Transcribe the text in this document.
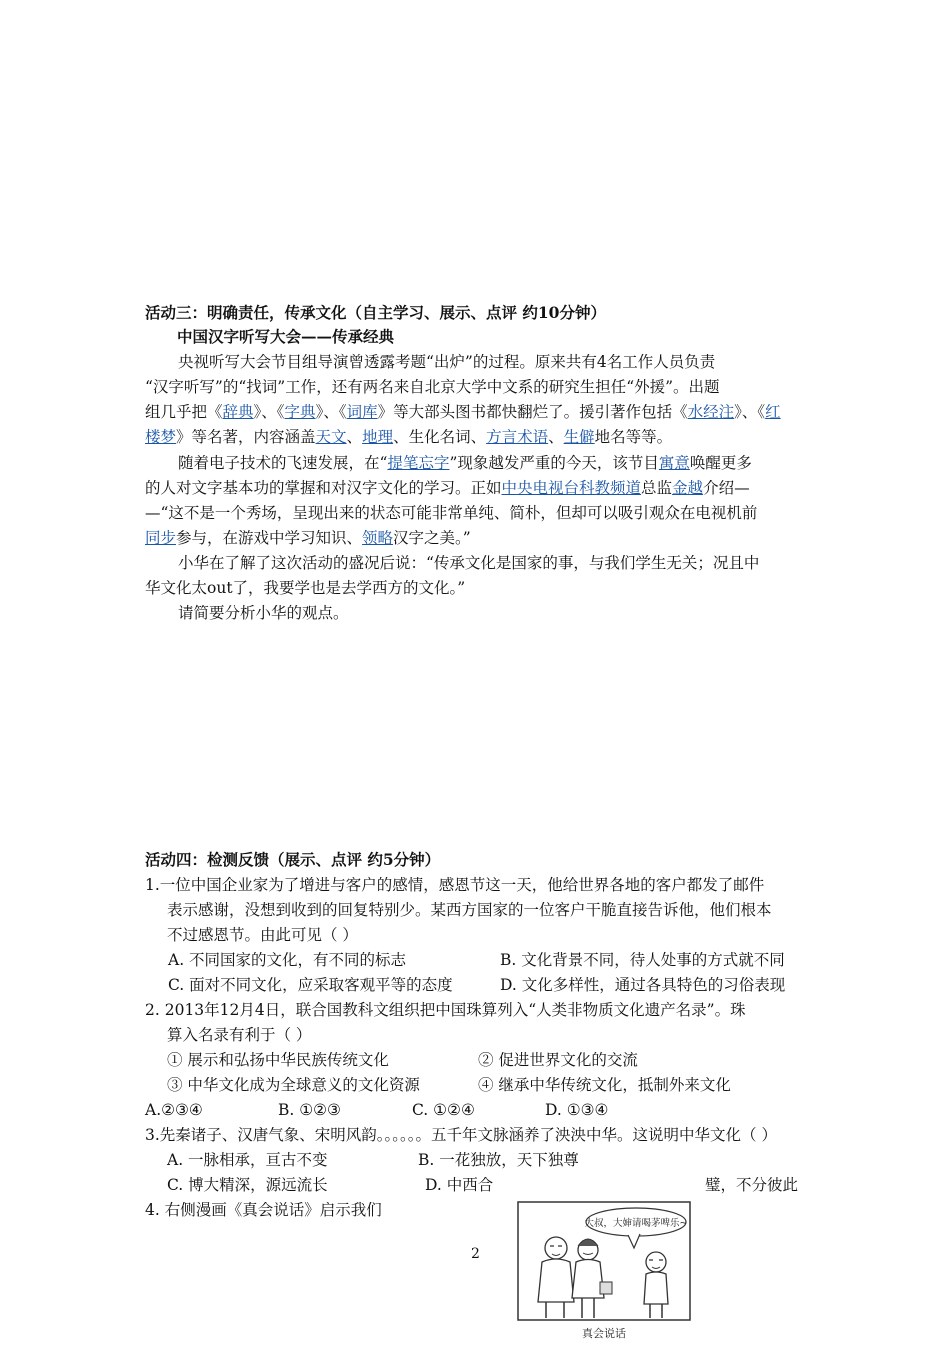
活动三：明确责任，传承文化（自主学习、展示、点评 约10分钟）
中国汉字听写大会——传承经典
央视听写大会节目组导演曾透露考题“出炉”的过程。原来共有4名工作人员负责
“汉字听写”的“找词”工作，还有两名来自北京大学中文系的研究生担任“外援”。出题
组几乎把《辞典》、《字典》、《词库》等大部头图书都快翻烂了。援引著作包括《水经注》、《红
楼梦》等名著，内容涵盖天文、地理、生化名词、方言术语、生僻地名等等。
随着电子技术的飞速发展，在“提笔忘字”现象越发严重的今天，该节目寓意唤醒更多
的人对文字基本功的掌握和对汉字文化的学习。正如中央电视台科教频道总监金越介绍—
—“这不是一个秀场，呈现出来的状态可能非常单纯、简朴，但却可以吸引观众在电视机前
同步参与，在游戏中学习知识、领略汉字之美。”
小华在了解了这次活动的盛况后说：“传承文化是国家的事，与我们学生无关；况且中
华文化太out了，我要学也是去学西方的文化。”
请简要分析小华的观点。
活动四：检测反馈（展示、点评 约5分钟）
1.一位中国企业家为了增进与客户的感情，感恩节这一天，他给世界各地的客户都发了邮件
表示感谢，没想到收到的回复特别少。某西方国家的一位客户干脆直接告诉他，他们根本
不过感恩节。由此可见（ ）
A. 不同国家的文化，有不同的标志	B. 文化背景不同，待人处事的方式就不同
C. 面对不同文化，应采取客观平等的态度	D. 文化多样性，通过各具特色的习俗表现
2. 2013年12月4日，联合国教科文组织把中国珠算列入“人类非物质文化遗产名录”。珠
算入名录有利于（ ）
① 展示和弘扬中华民族传统文化	② 促进世界文化的交流
③ 中华文化成为全球意义的文化资源	④ 继承中华传统文化，抵制外来文化
A.②③④	B. ①②③	C. ①②④	D. ①③④
3.先秦诸子、汉唐气象、宋明风韵。。。。。。五千年文脉涵养了泱泱中华。这说明中华文化（ ）
A. 一脉相承，亘古不变	B. 一花独放，天下独尊
C. 博大精深，源远流长	D. 中西合	璧，不分彼此
4. 右侧漫画《真会说话》启示我们
2
大叔，大婶请喝茅啤乐~
真会说话
